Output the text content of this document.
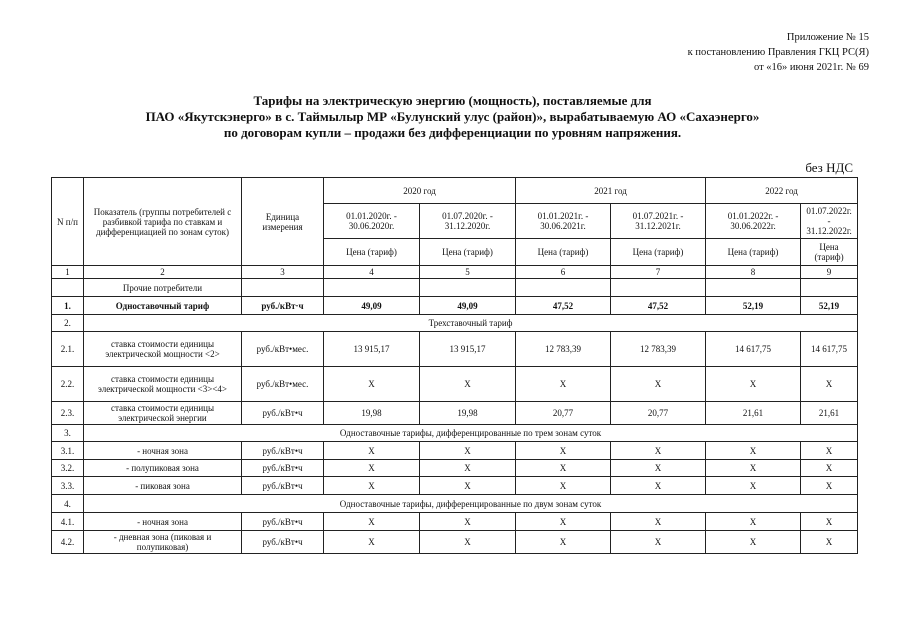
Приложение № 15
к постановлению Правления ГКЦ РС(Я)
от «16» июня 2021г. № 69
Тарифы на электрическую энергию (мощность), поставляемые для
ПАО «Якутскэнерго» в с. Таймылыр МР «Булунский улус (район)», вырабатываемую АО «Сахаэнерго»
по договорам купли – продажи без дифференциации по уровням напряжения.
без НДС
N п/п	Показатель (группы потребителей с разбивкой тарифа по ставкам и дифференциацией по зонам суток)	Единица измерения	2020 год		2021 год		2022 год	
			01.01.2020г. - 30.06.2020г.	01.07.2020г. - 31.12.2020г.	01.01.2021г. - 30.06.2021г.	01.07.2021г. - 31.12.2021г.	01.01.2022г. - 30.06.2022г.	01.07.2022г. - 31.12.2022г.
			Цена (тариф)	Цена (тариф)	Цена (тариф)	Цена (тариф)	Цена (тариф)	Цена (тариф)
1	2	3	4	5	6	7	8	9
	Прочие потребители							
1.	Одноставочный тариф	руб./кВт·ч	49,09	49,09	47,52	47,52	52,19	52,19
2.	Трехставочный тариф							
2.1.	ставка стоимости единицы электрической мощности <2>	руб./кВт•мес.	13 915,17	13 915,17	12 783,39	12 783,39	14 617,75	14 617,75
2.2.	ставка стоимости единицы электрической мощности <3><4>	руб./кВт•мес.	X	X	X	X	X	X
2.3.	ставка стоимости единицы электрической энергии	руб./кВт•ч	19,98	19,98	20,77	20,77	21,61	21,61
3.	Одноставочные тарифы, дифференцированные по трем зонам суток							
3.1.	- ночная зона	руб./кВт•ч	X	X	X	X	X	X
3.2.	- полупиковая зона	руб./кВт•ч	X	X	X	X	X	X
3.3.	- пиковая зона	руб./кВт•ч	X	X	X	X	X	X
4.	Одноставочные тарифы, дифференцированные по двум зонам суток							
4.1.	- ночная зона	руб./кВт•ч	X	X	X	X	X	X
4.2.	- дневная зона (пиковая и полупиковая)	руб./кВт•ч	X	X	X	X	X	X
